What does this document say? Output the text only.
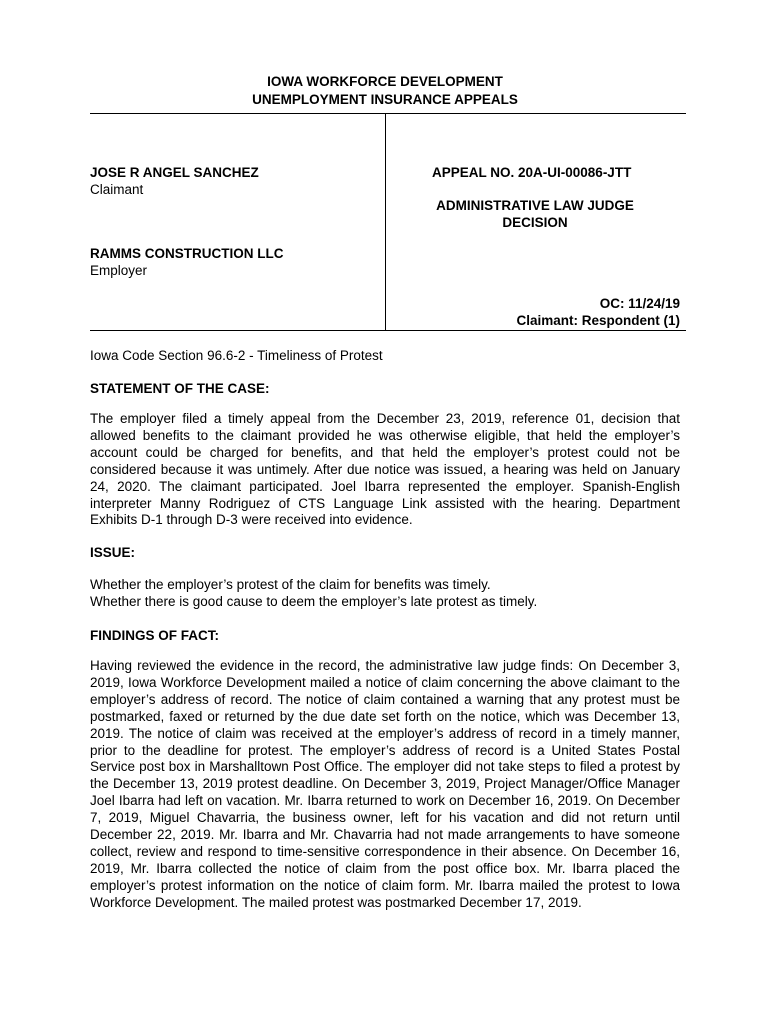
IOWA WORKFORCE DEVELOPMENT
UNEMPLOYMENT INSURANCE APPEALS
JOSE R ANGEL SANCHEZ
Claimant
RAMMS CONSTRUCTION LLC
Employer
APPEAL NO. 20A-UI-00086-JTT
ADMINISTRATIVE LAW JUDGE
DECISION
OC: 11/24/19
Claimant: Respondent (1)
Iowa Code Section 96.6-2 - Timeliness of Protest
STATEMENT OF THE CASE:

The employer filed a timely appeal from the December 23, 2019, reference 01, decision that allowed benefits to the claimant provided he was otherwise eligible, that held the employer’s account could be charged for benefits, and that held the employer’s protest could not be considered because it was untimely. After due notice was issued, a hearing was held on January 24, 2020. The claimant participated. Joel Ibarra represented the employer. Spanish-English interpreter Manny Rodriguez of CTS Language Link assisted with the hearing. Department Exhibits D-1 through D-3 were received into evidence.

ISSUE:
Whether the employer’s protest of the claim for benefits was timely.
Whether there is good cause to deem the employer’s late protest as timely.
FINDINGS OF FACT:

Having reviewed the evidence in the record, the administrative law judge finds: On December 3, 2019, Iowa Workforce Development mailed a notice of claim concerning the above claimant to the employer’s address of record. The notice of claim contained a warning that any protest must be postmarked, faxed or returned by the due date set forth on the notice, which was December 13, 2019. The notice of claim was received at the employer’s address of record in a timely manner, prior to the deadline for protest. The employer’s address of record is a United States Postal Service post box in Marshalltown Post Office. The employer did not take steps to filed a protest by the December 13, 2019 protest deadline. On December 3, 2019, Project Manager/Office Manager Joel Ibarra had left on vacation. Mr. Ibarra returned to work on December 16, 2019. On December 7, 2019, Miguel Chavarria, the business owner, left for his vacation and did not return until December 22, 2019. Mr. Ibarra and Mr. Chavarria had not made arrangements to have someone collect, review and respond to time-sensitive correspondence in their absence. On December 16, 2019, Mr. Ibarra collected the notice of claim from the post office box. Mr. Ibarra placed the employer’s protest information on the notice of claim form. Mr. Ibarra mailed the protest to Iowa Workforce Development. The mailed protest was postmarked December 17, 2019.
